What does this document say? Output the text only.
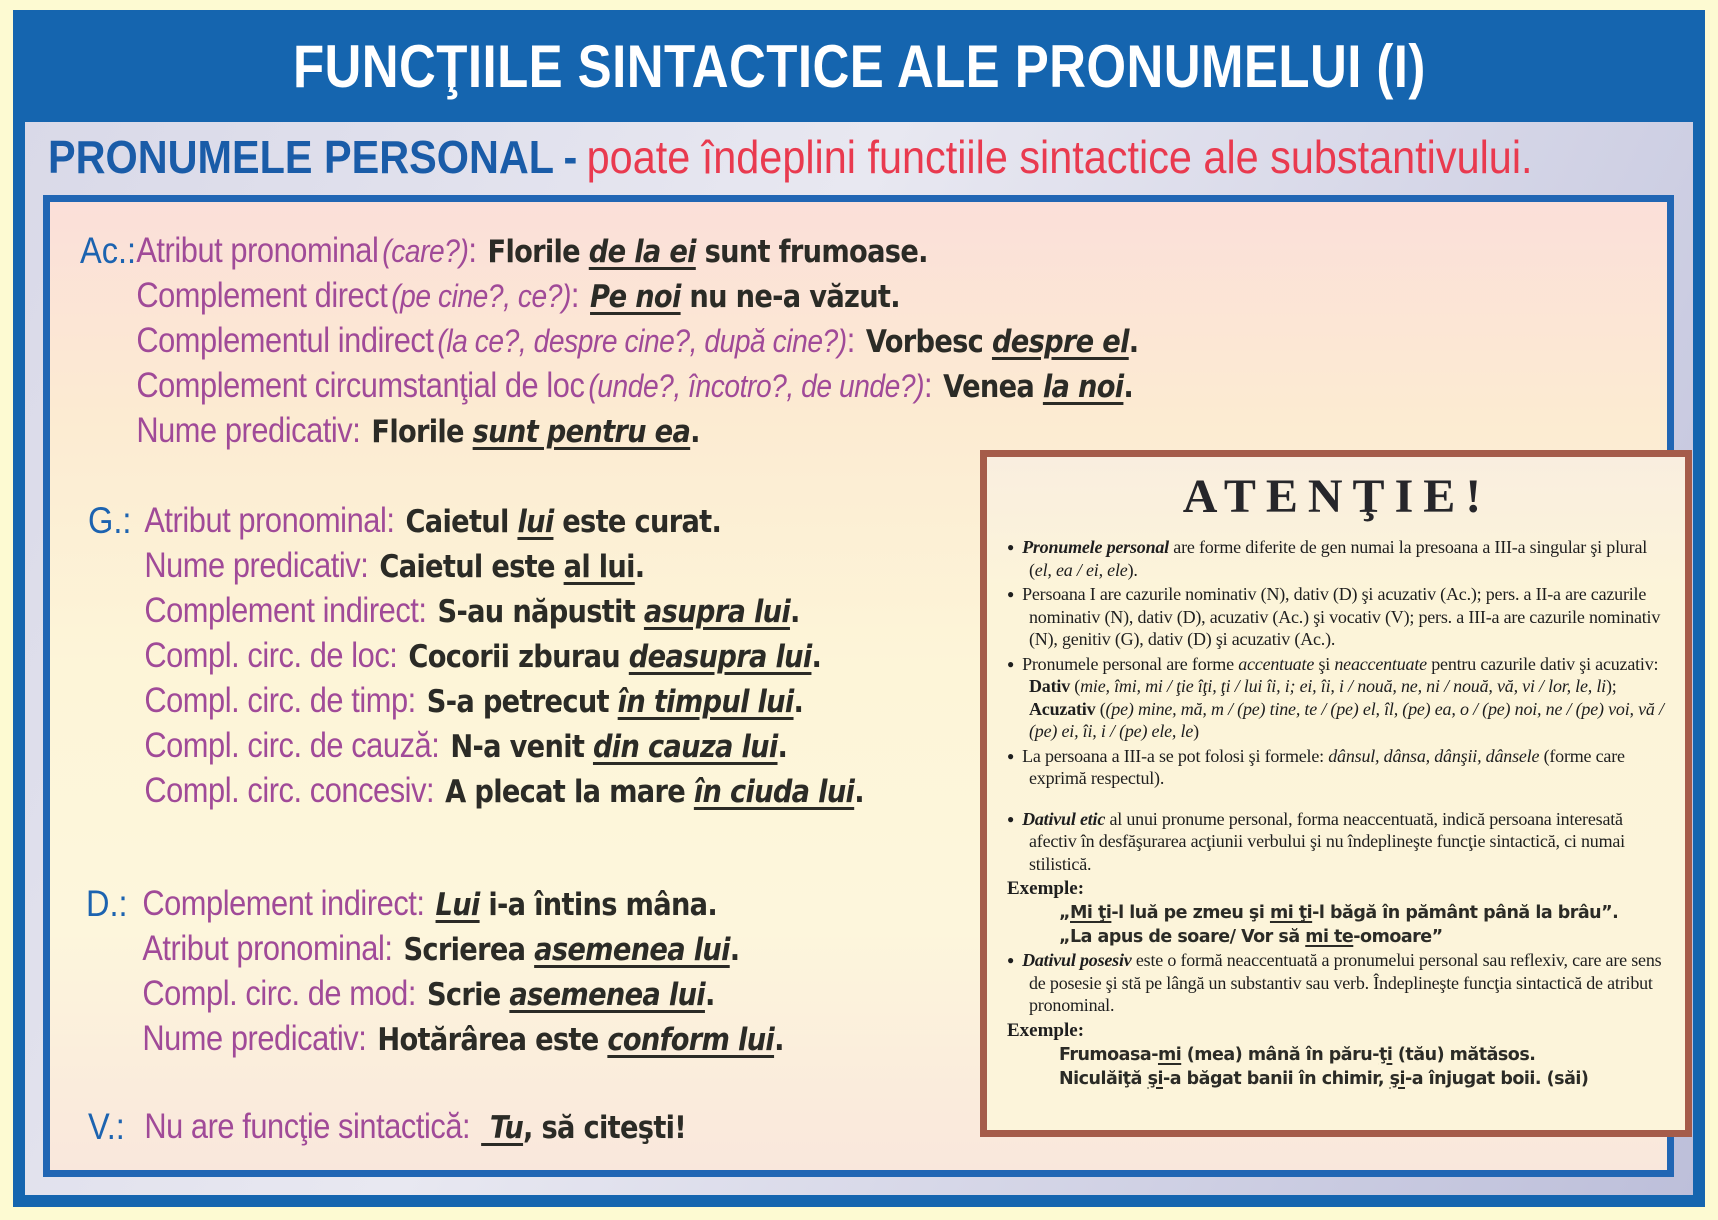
FUNCŢIILE SINTACTICE ALE PRONUMELUI (I)
PRONUMELE PERSONAL - poate îndeplini functiile sintactice ale substantivului.
Ac.: Atribut pronominal (care?): Florile de la ei sunt frumoase.
Complement direct (pe cine?, ce?): Pe noi nu ne-a văzut.
Complementul indirect (la ce?, despre cine?, după cine?): Vorbesc despre el.
Complement circumstanţial de loc (unde?, încotro?, de unde?): Venea la noi.
Nume predicativ: Florile sunt pentru ea.
G.: Atribut pronominal: Caietul lui este curat.
Nume predicativ: Caietul este al lui.
Complement indirect: S-au năpustit asupra lui.
Compl. circ. de loc: Cocorii zburau deasupra lui.
Compl. circ. de timp: S-a petrecut în timpul lui.
Compl. circ. de cauză: N-a venit din cauza lui.
Compl. circ. concesiv: A plecat la mare în ciuda lui.
D.: Complement indirect: Lui i-a întins mâna.
Atribut pronominal: Scrierea asemenea lui.
Compl. circ. de mod: Scrie asemenea lui.
Nume predicativ: Hotărârea este conform lui.
V.: Nu are funcţie sintactică: Tu, să citeşti!
ATENŢIE!
● Pronumele personal are forme diferite de gen numai la presoana a III-a singular şi plural (el, ea / ei, ele).
● Persoana I are cazurile nominativ (N), dativ (D) şi acuzativ (Ac.); pers. a II-a are cazurile nominativ (N), dativ (D), acuzativ (Ac.) şi vocativ (V); pers. a III-a are cazurile nominativ (N), genitiv (G), dativ (D) şi acuzativ (Ac.).
● Pronumele personal are forme accentuate şi neaccentuate pentru cazurile dativ şi acuzativ: Dativ (mie, îmi, mi / ţie îţi, ţi / lui îi, i; ei, îi, i / nouă, ne, ni / nouă, vă, vi / lor, le, li); Acuzativ ((pe) mine, mă, m / (pe) tine, te / (pe) el, îl, (pe) ea, o / (pe) noi, ne / (pe) voi, vă / (pe) ei, îi, i / (pe) ele, le)
● La persoana a III-a se pot folosi şi formele: dânsul, dânsa, dânşii, dânsele (forme care exprimă respectul).
● Dativul etic al unui pronume personal, forma neaccentuată, indică persoana interesată afectiv în desfăşurarea acţiunii verbului şi nu îndeplineşte funcţie sintactică, ci numai stilistică.
Exemple:
„Mi ţi-l luă pe zmeu şi mi ţi-l băgă în pământ până la brâu”.
„La apus de soare/ Vor să mi te-omoare”
● Dativul posesiv este o formă neaccentuată a pronumelui personal sau reflexiv, care are sens de posesie şi stă pe lângă un substantiv sau verb. Îndeplineşte funcţia sintactică de atribut pronominal.
Exemple:
Frumoasa-mi (mea) mână în păru-ţi (tău) mătăsos.
Niculăiţă şi-a băgat banii în chimir, şi-a înjugat boii. (săi)
